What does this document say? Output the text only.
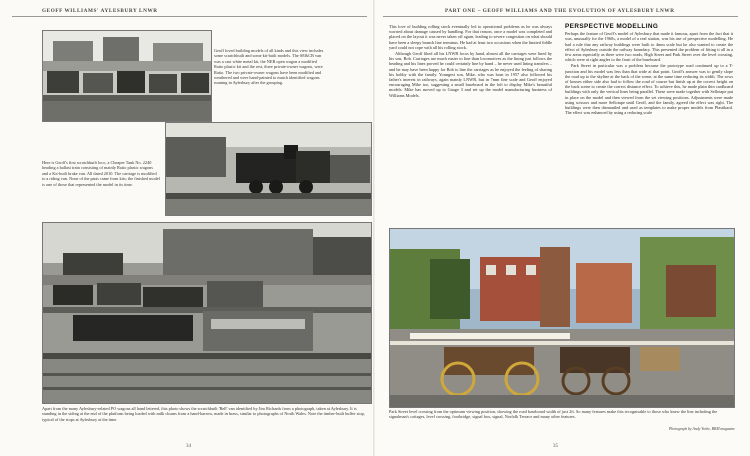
GEOFF WILLIAMS' AYLESBURY LNWR
Geoff loved building models of all kinds and this view includes some scratchbuilt and some kit-built models. The SE&CR van was a cast white metal kit, the NER open wagon a modified Ratio plastic kit and the rest, three private-owner wagons, were Ratio. The two private-owner wagons have been modified and weathered and were hand-painted to match identified wagons running in Aylesbury after the grouping.
Here is Geoff's first scratchbuilt loco, a Cheaper Tank No. 2240 heading a ballast train consisting of mainly Ratio plastic wagons and a Kit-built brake van. All dated 2010. The carriage is modified to a riding van. None of the parts came from kits; the finished model is one of those that represented the model in its time.
Apart from the many Aylesbury-related PO wagons all hand lettered, this photo shows the scratchbuilt 'Bell' van identified by Jim Richards from a photograph, taken at Aylesbury. It is standing in the siding at the end of the platform being loaded with milk churns from a hand-barrow, made in brass, similar to photographs of North Wales. Note the timber-built buffer stop, typical of the stops at Aylesbury at the time.
34
PART ONE – GEOFF WILLIAMS AND THE EVOLUTION OF AYLESBURY LNWR

This love of building rolling stock eventually led to operational problems as he was always worried about damage caused by handling. For that reason, once a model was completed and placed on the layout it was never taken off again, leading to severe congestion on what should have been a sleepy branch line terminus. He had at least two occasions when the limited fiddle yard could not cope with all his rolling stock.

Although Geoff liked all his LNWR locos by hand, almost all the carriages were lined by his son, Bob. Carriages are much easier to line than locomotives as the lining just follows the beading and his lines proved he could certainly line by hand – he never used lining transfers – and he may have been happy for Bob to line the carriages as he enjoyed the feeling of sharing his hobby with the family. Youngest son, Mike, who was born in 1957 also followed his father's interest in railways, again mainly LNWR, but in 7mm fine scale and Geoff enjoyed encouraging Mike too, suggesting a small baseboard in the loft to display Mike's beautiful models. Mike has moved up to Gauge 3 and set up the model manufacturing business of Williams Models.

PERSPECTIVE MODELLING

Perhaps the feature of Geoff's model of Aylesbury that made it famous, apart from the fact that it was, unusually for the 1960s, a model of a real station, was his use of perspective modelling. He had a rule that any railway buildings were built to 4mm scale but he also wanted to create the effect of Aylesbury outside the railway boundary. This presented the problem of fitting it all in a few areas especially as there were two roads, High Street and Park Street over the level crossing, which were at right angles to the front of the baseboard.

Park Street in particular was a problem because the prototype road continued up to a T-junction and his model was less than that wide at that point. Geoff's answer was to gently slope the road up to the skyline at the back of the scene, at the same time reducing its width. The rows of houses either side also had to follow the road of course but finish up at the correct height on the back scene to create the correct distance effect. To achieve this, he made plain thin cardboard buildings with only the vertical lines being parallel. These were made together with Sellotape put in place on the model and then viewed from the set viewing positions. Adjustments were made using scissors and more Sellotape until Geoff, and the family, agreed the effect was right. The buildings were then dismantled and used as templates to make proper models from Plastikard. The effect was enhanced by using a reducing scale

Park Street level crossing from the optimum viewing position, showing the road baseboard width of just 2ft. So many features make this recognisable to those who knew the line including the signalman's cottages, level crossing, footbridge, signal box, signal, Norfolk Terrace and many other features.
Photograph by Andy Yorke, BRM magazine
35
